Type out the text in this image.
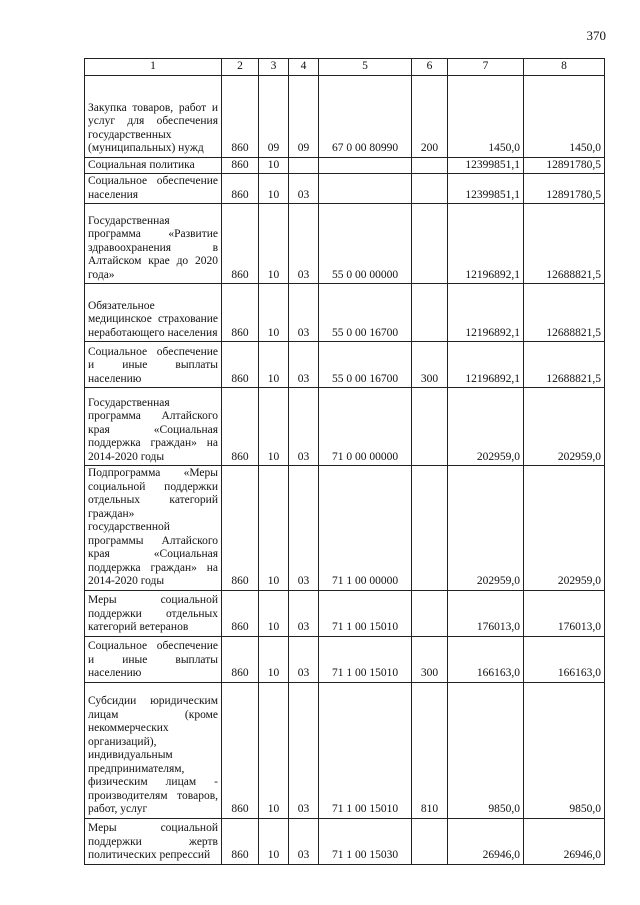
370
1	2	3	4	5	6	7	8
Закупка товаров, работ и услуг для обеспечения государственных (муниципальных) нужд	860	09	09	67 0 00 80990	200	1450,0	1450,0
Социальная политика	860	10				12399851,1	12891780,5
Социальное обеспечение населения	860	10	03			12399851,1	12891780,5
Государственная программа «Развитие здравоохранения в Алтайском крае до 2020 года»	860	10	03	55 0 00 00000		12196892,1	12688821,5
Обязательное медицинское страхование неработающего населения	860	10	03	55 0 00 16700		12196892,1	12688821,5
Социальное обеспечение и иные выплаты населению	860	10	03	55 0 00 16700	300	12196892,1	12688821,5
Государственная программа Алтайского края «Социальная поддержка граждан» на 2014-2020 годы	860	10	03	71 0 00 00000		202959,0	202959,0
Подпрограмма «Меры социальной поддержки отдельных категорий граждан» государственной программы Алтайского края «Социальная поддержка граждан» на 2014-2020 годы	860	10	03	71 1 00 00000		202959,0	202959,0
Меры социальной поддержки отдельных категорий ветеранов	860	10	03	71 1 00 15010		176013,0	176013,0
Социальное обеспечение и иные выплаты населению	860	10	03	71 1 00 15010	300	166163,0	166163,0
Субсидии юридическим лицам (кроме некоммерческих организаций), индивидуальным предпринимателям, физическим лицам - производителям товаров, работ, услуг	860	10	03	71 1 00 15010	810	9850,0	9850,0
Меры социальной поддержки жертв политических репрессий	860	10	03	71 1 00 15030		26946,0	26946,0
